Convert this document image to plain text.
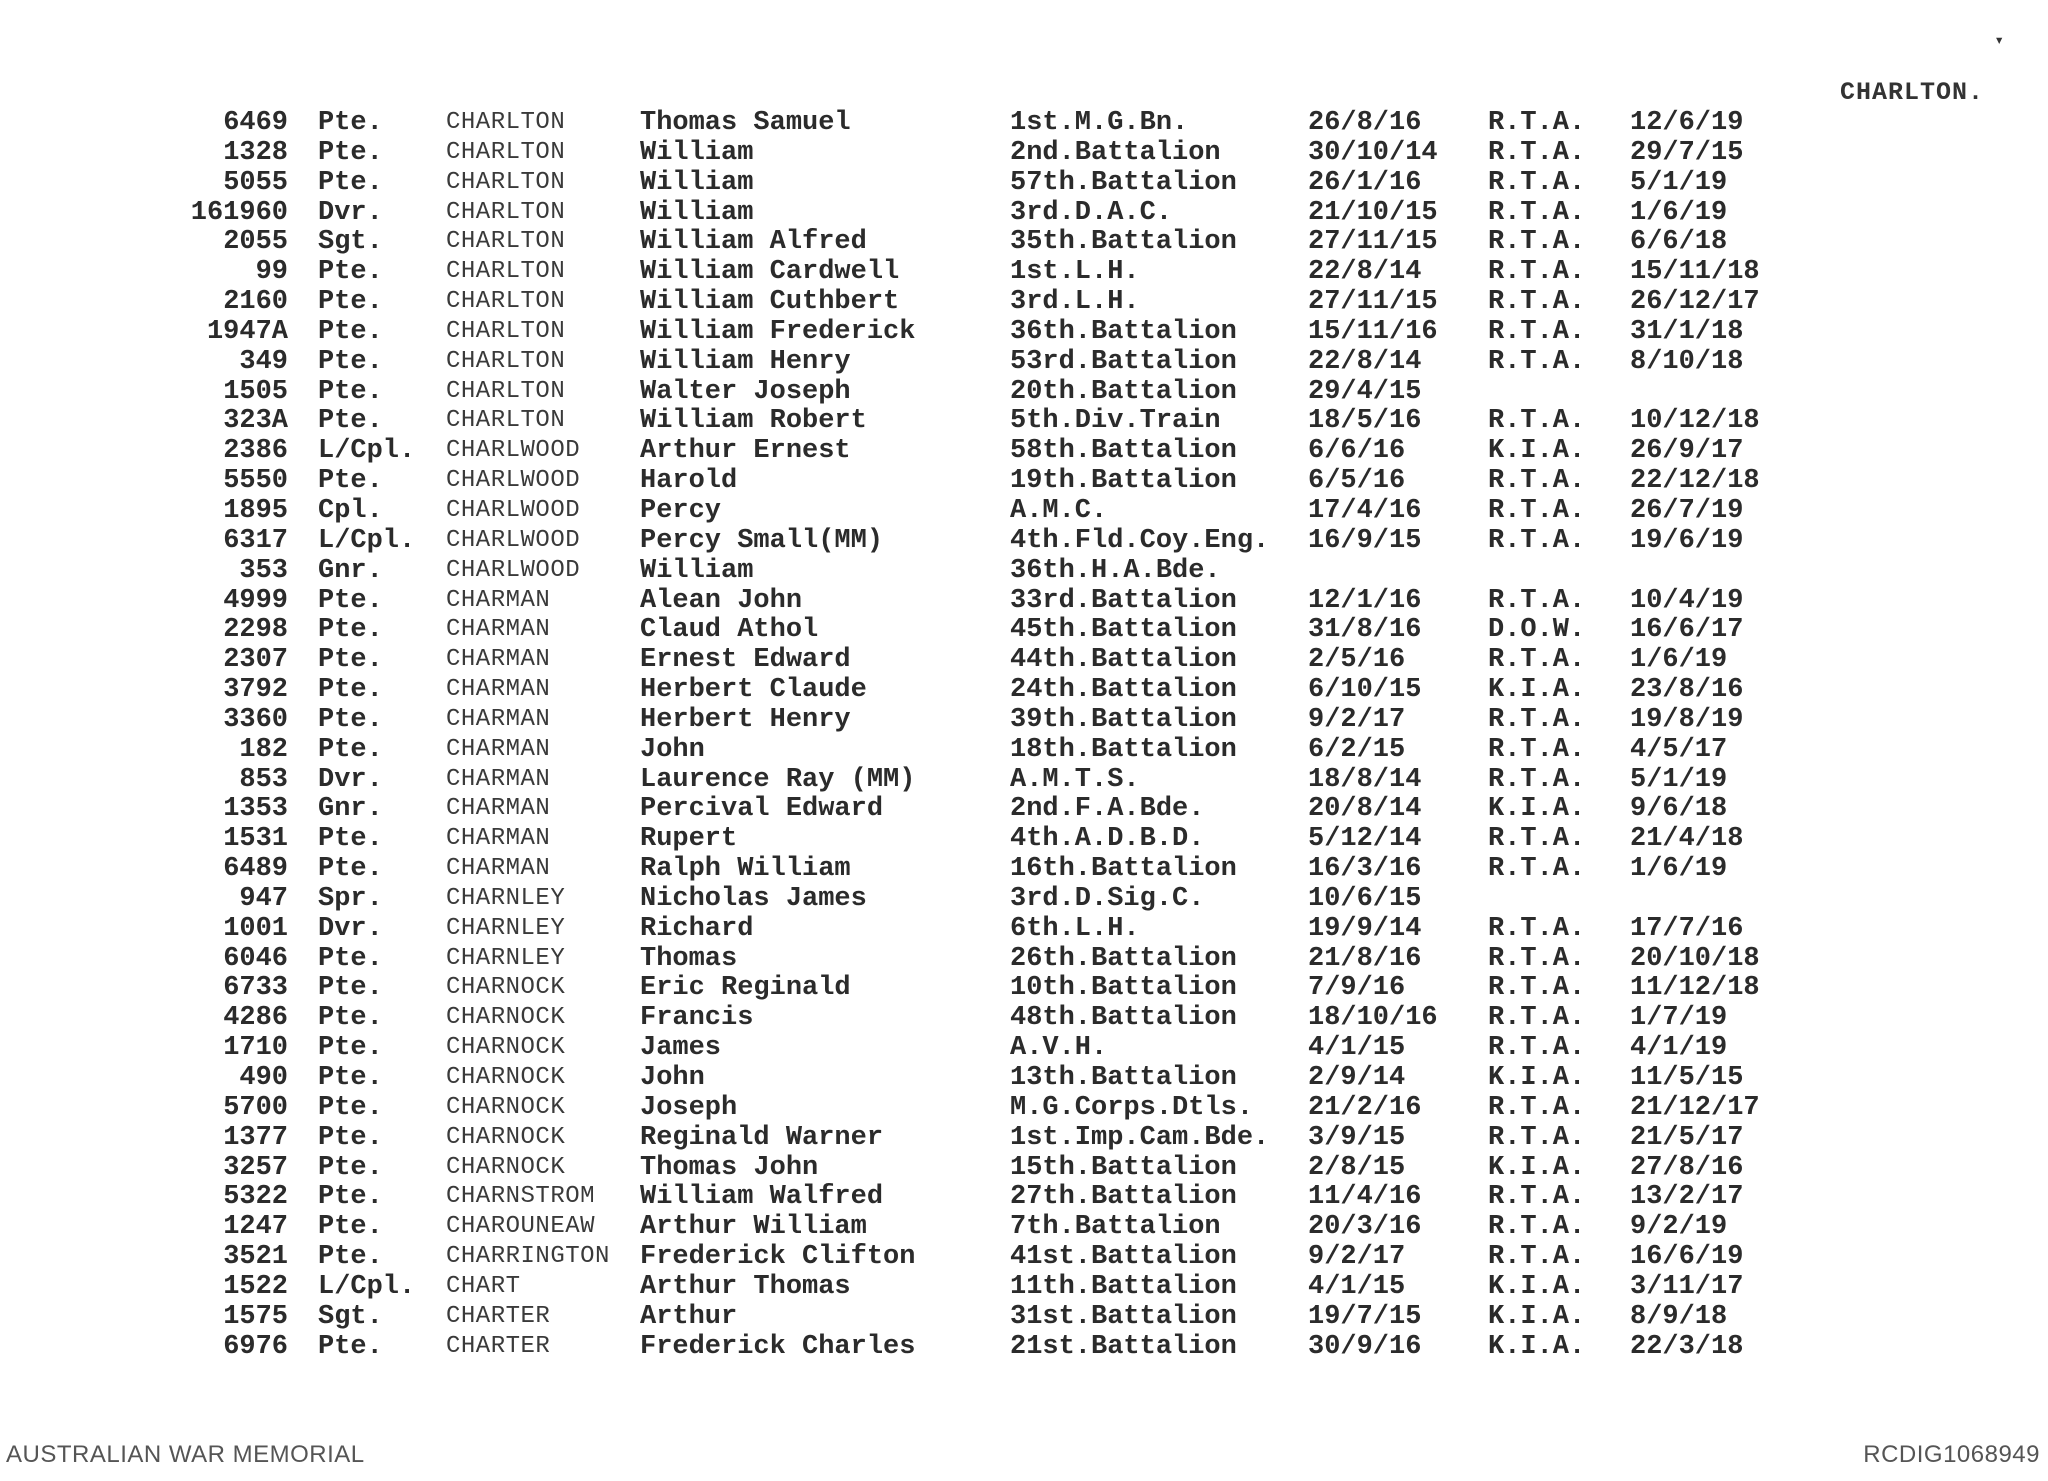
▾
CHARLTON.
6469 Pte.	CHARLTON	Thomas Samuel	1st.M.G.Bn.	26/8/16 R.T.A. 12/6/19
1328 Pte.	CHARLTON	William	2nd.Battalion	30/10/14 R.T.A. 29/7/15
5055 Pte.	CHARLTON	William	57th.Battalion	26/1/16 R.T.A. 5/1/19
161960 Dvr.	CHARLTON	William	3rd.D.A.C.	21/10/15 R.T.A. 1/6/19
2055 Sgt.	CHARLTON	William Alfred	35th.Battalion	27/11/15 R.T.A. 6/6/18
99 Pte.	CHARLTON	William Cardwell	1st.L.H.	22/8/14 R.T.A. 15/11/18
2160 Pte.	CHARLTON	William Cuthbert	3rd.L.H.	27/11/15 R.T.A. 26/12/17
1947A Pte.	CHARLTON	William Frederick	36th.Battalion	15/11/16 R.T.A. 31/1/18
349 Pte.	CHARLTON	William Henry	53rd.Battalion	22/8/14 R.T.A. 8/10/18
1505 Pte.	CHARLTON	Walter Joseph	20th.Battalion	29/4/15
323A Pte.	CHARLTON	William Robert	5th.Div.Train	18/5/16 R.T.A. 10/12/18
2386 L/Cpl. CHARLWOOD Arthur Ernest	58th.Battalion	6/6/16	K.I.A. 26/9/17
5550 Pte.	CHARLWOOD Harold	19th.Battalion	6/5/16	R.T.A. 22/12/18
1895 Cpl.	CHARLWOOD Percy	A.M.C.	17/4/16 R.T.A. 26/7/19
6317 L/Cpl. CHARLWOOD Percy Small(MM)	4th.Fld.Coy.Eng. 16/9/15 R.T.A. 19/6/19
353 Gnr.	CHARLWOOD William	36th.H.A.Bde.
4999 Pte.	CHARMAN	Alean John	33rd.Battalion	12/1/16 R.T.A. 10/4/19
2298 Pte.	CHARMAN	Claud Athol	45th.Battalion	31/8/16 D.O.W. 16/6/17
2307 Pte.	CHARMAN	Ernest Edward	44th.Battalion	2/5/16	R.T.A. 1/6/19
3792 Pte.	CHARMAN	Herbert Claude	24th.Battalion	6/10/15 K.I.A. 23/8/16
3360 Pte.	CHARMAN	Herbert Henry	39th.Battalion	9/2/17	R.T.A. 19/8/19
182 Pte.	CHARMAN	John	18th.Battalion	6/2/15	R.T.A. 4/5/17
853 Dvr.	CHARMAN	Laurence Ray (MM)	A.M.T.S.	18/8/14 R.T.A. 5/1/19
1353 Gnr.	CHARMAN	Percival Edward	2nd.F.A.Bde.	20/8/14 K.I.A. 9/6/18
1531 Pte.	CHARMAN	Rupert	4th.A.D.B.D.	5/12/14 R.T.A. 21/4/18
6489 Pte.	CHARMAN	Ralph William	16th.Battalion	16/3/16 R.T.A. 1/6/19
947 Spr.	CHARNLEY	Nicholas James	3rd.D.Sig.C.	10/6/15
1001 Dvr.	CHARNLEY	Richard	6th.L.H.	19/9/14 R.T.A. 17/7/16
6046 Pte.	CHARNLEY	Thomas	26th.Battalion	21/8/16 R.T.A. 20/10/18
6733 Pte.	CHARNOCK	Eric Reginald	10th.Battalion	7/9/16	R.T.A. 11/12/18
4286 Pte.	CHARNOCK	Francis	48th.Battalion	18/10/16 R.T.A. 1/7/19
1710 Pte.	CHARNOCK	James	A.V.H.	4/1/15	R.T.A. 4/1/19
490 Pte.	CHARNOCK	John	13th.Battalion	2/9/14	K.I.A. 11/5/15
5700 Pte.	CHARNOCK	Joseph	M.G.Corps.Dtls. 21/2/16 R.T.A. 21/12/17
1377 Pte.	CHARNOCK	Reginald Warner	1st.Imp.Cam.Bde. 3/9/15	R.T.A. 21/5/17
3257 Pte.	CHARNOCK	Thomas John	15th.Battalion	2/8/15	K.I.A. 27/8/16
5322 Pte.	CHARNSTROM William Walfred	27th.Battalion	11/4/16 R.T.A. 13/2/17
1247 Pte.	CHAROUNEAW Arthur William	7th.Battalion	20/3/16 R.T.A. 9/2/19
3521 Pte.	CHARRINGTON Frederick Clifton	41st.Battalion	9/2/17	R.T.A. 16/6/19
1522 L/Cpl. CHART	Arthur Thomas	11th.Battalion	4/1/15	K.I.A. 3/11/17
1575 Sgt.	CHARTER	Arthur	31st.Battalion	19/7/15 K.I.A. 8/9/18
6976 Pte.	CHARTER	Frederick Charles	21st.Battalion	30/9/16 K.I.A. 22/3/18
AUSTRALIAN WAR MEMORIAL	RCDIG1068949
